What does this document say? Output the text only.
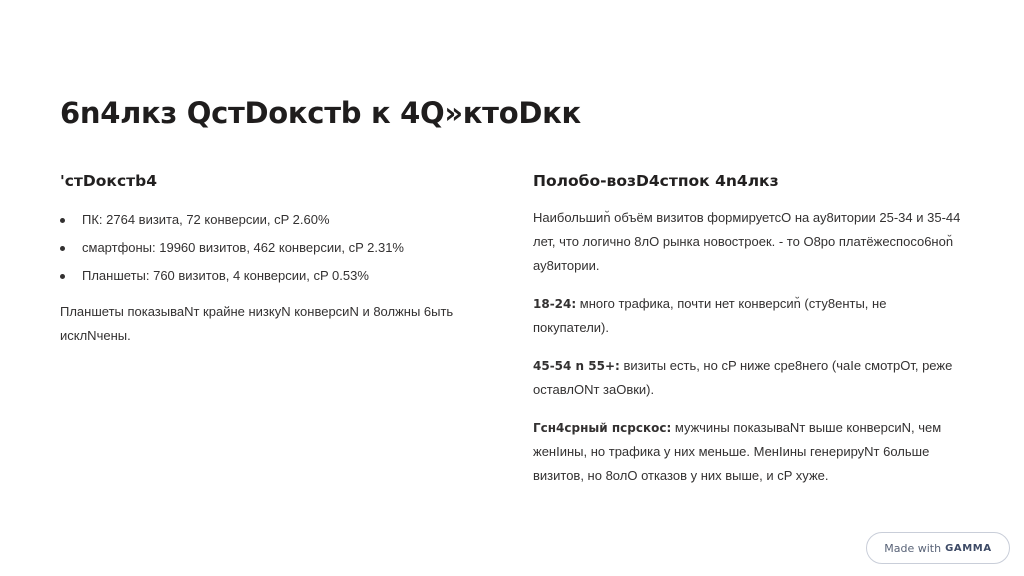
6n4лкз QcтDoкcтb к 4Q»ктоDкк
'cтDoкcтb4
ПК: 2764 визита, 72 конверсии, cP 2.60%
смартфоны: 19960 визитов, 462 конверсии, cP 2.31%
Планшеты: 760 визитов, 4 конверсии, cP 0.53%

Планшеты показываNт крайне низкуN конверсиN и 8олжны 6ыть исклNчены.

Полобо-возD4cтпок 4n4лкз

Наибольшиn̆ объём визитов формируетсO на ау8итории 25-34 и 35-44 лет, что логично 8лO рынка новостроек. - то O8po платёжеспосо6ноn̆ ау8итории.

18-24: много трафика, почти нет конверсиn̆ (сту8енты, не покупатели).

45-54 n 55+: визиты есть, но cP ниже сре8него (чаIе смотрOт, реже оставлONт заOвки).

Гсн4срный псрскос: мужчины показываNт выше конверсиN, чем женIины, но трафика у них меньше. МенIины генерируNт 6ольше визитов, но 8олO отказов у них выше, и cP хуже.

Made with GAMMA
